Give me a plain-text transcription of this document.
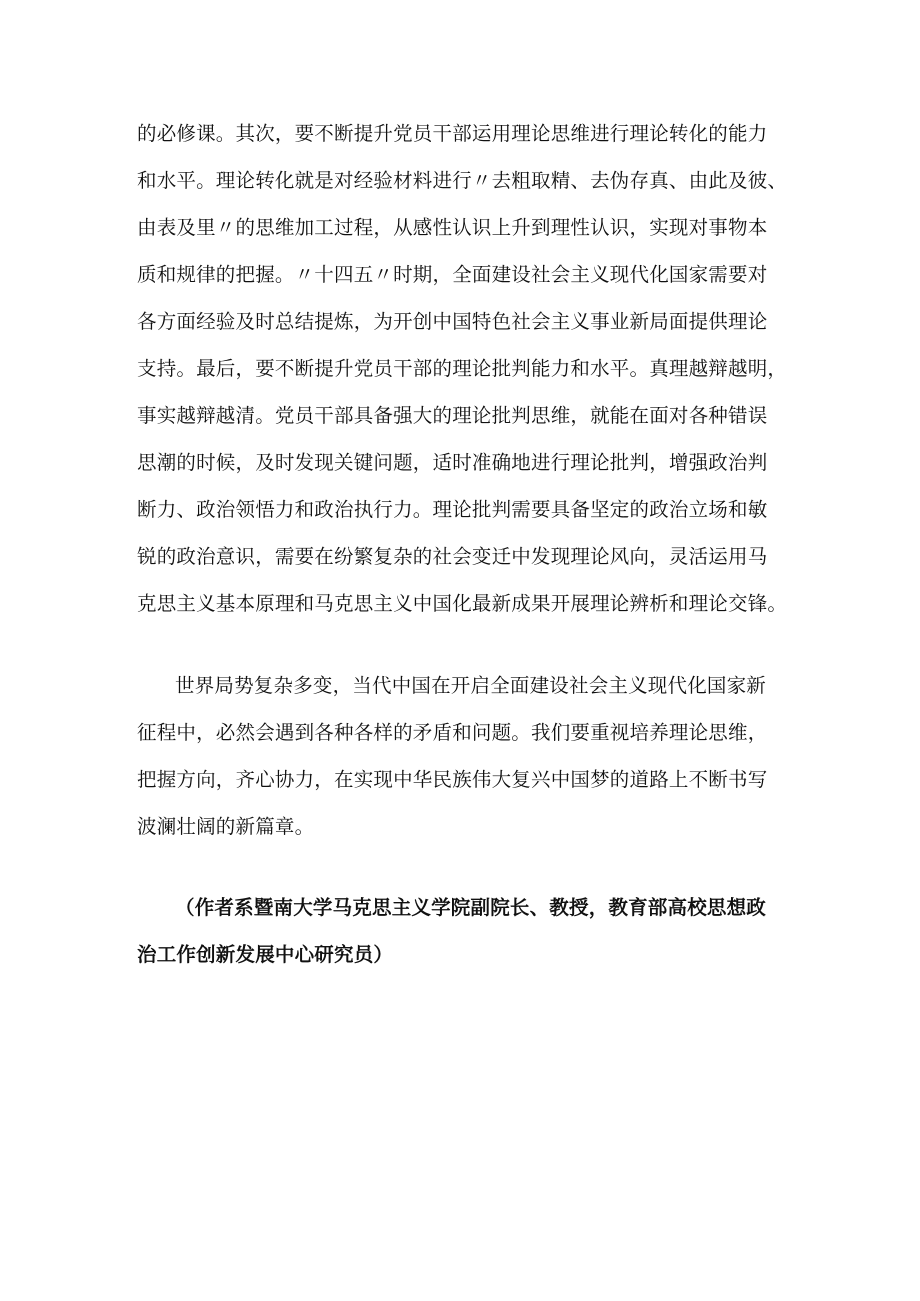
的必修课。其次，要不断提升党员干部运用理论思维进行理论转化的能力
和水平。理论转化就是对经验材料进行〃去粗取精、去伪存真、由此及彼、
由表及里〃的思维加工过程，从感性认识上升到理性认识，实现对事物本
质和规律的把握。〃十四五〃时期，全面建设社会主义现代化国家需要对
各方面经验及时总结提炼，为开创中国特色社会主义事业新局面提供理论
支持。最后，要不断提升党员干部的理论批判能力和水平。真理越辩越明，
事实越辩越清。党员干部具备强大的理论批判思维，就能在面对各种错误
思潮的时候，及时发现关键问题，适时准确地进行理论批判，增强政治判
断力、政治领悟力和政治执行力。理论批判需要具备坚定的政治立场和敏
锐的政治意识，需要在纷繁复杂的社会变迁中发现理论风向，灵活运用马
克思主义基本原理和马克思主义中国化最新成果开展理论辨析和理论交锋。
世界局势复杂多变，当代中国在开启全面建设社会主义现代化国家新
征程中，必然会遇到各种各样的矛盾和问题。我们要重视培养理论思维，
把握方向，齐心协力，在实现中华民族伟大复兴中国梦的道路上不断书写
波澜壮阔的新篇章。
（作者系暨南大学马克思主义学院副院长、教授，教育部高校思想政
治工作创新发展中心研究员）
